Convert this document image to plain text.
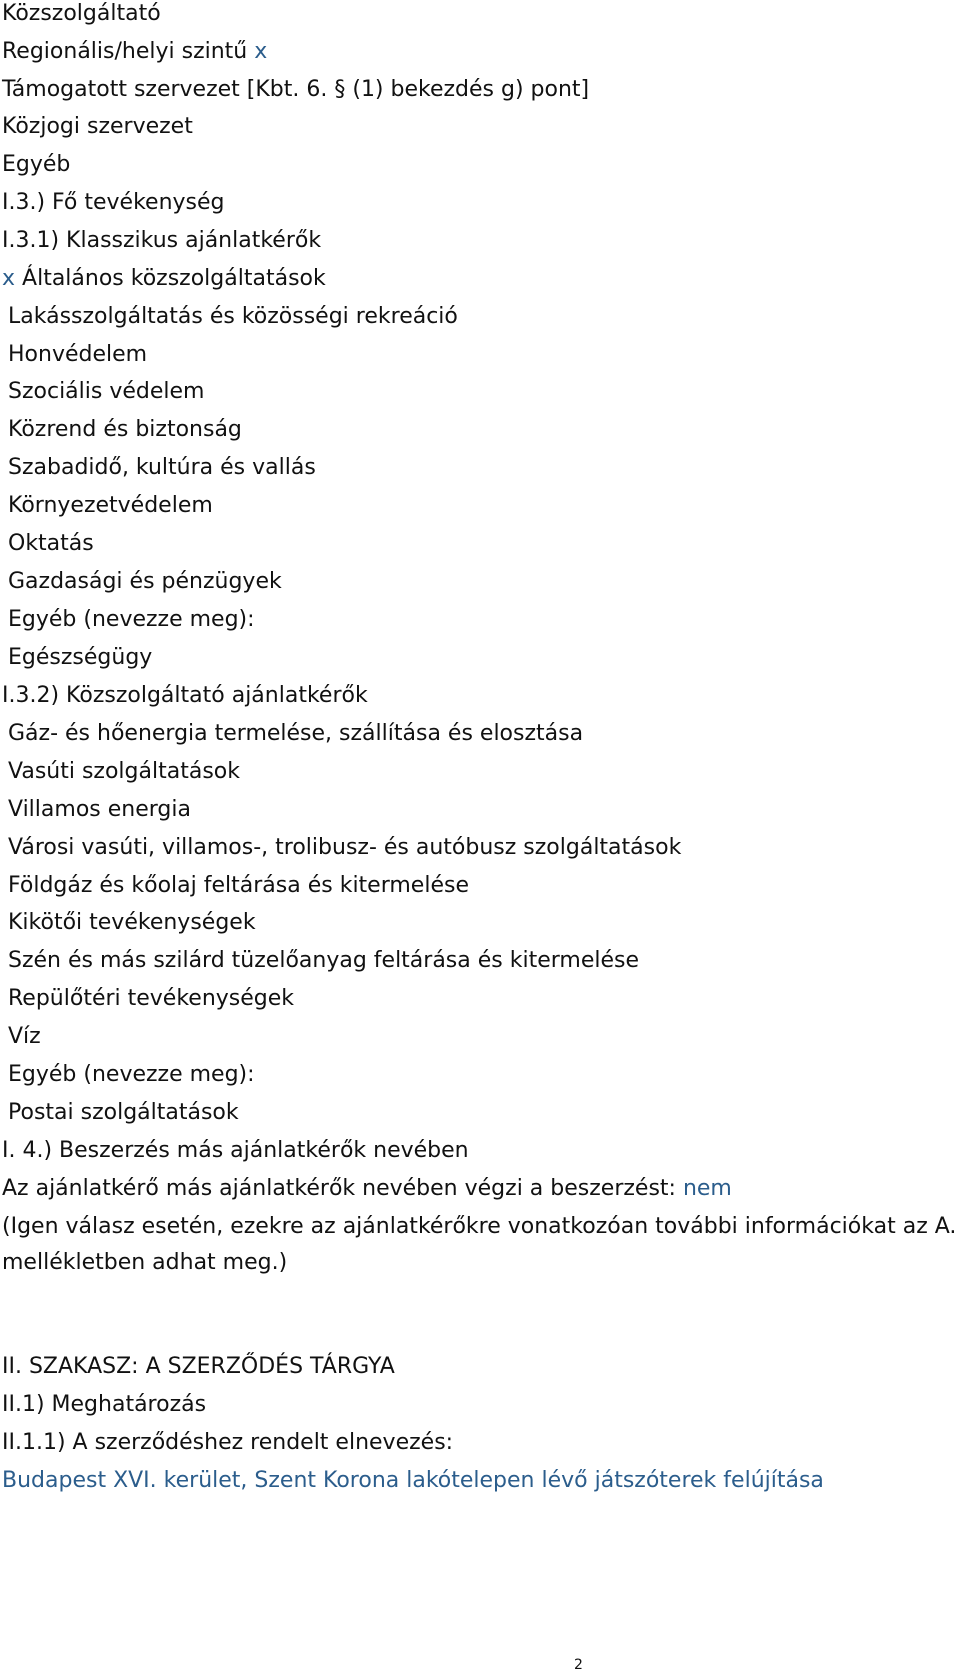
Közszolgáltató
Regionális/helyi szintű x
Támogatott szervezet [Kbt. 6. § (1) bekezdés g) pont]
Közjogi szervezet
Egyéb
I.3.) Fő tevékenység
I.3.1) Klasszikus ajánlatkérők
x Általános közszolgáltatások
Lakásszolgáltatás és közösségi rekreáció
Honvédelem
Szociális védelem
Közrend és biztonság
Szabadidő, kultúra és vallás
Környezetvédelem
Oktatás
Gazdasági és pénzügyek
Egyéb (nevezze meg):
Egészségügy
I.3.2) Közszolgáltató ajánlatkérők
Gáz- és hőenergia termelése, szállítása és elosztása
Vasúti szolgáltatások
Villamos energia
Városi vasúti, villamos-, trolibusz- és autóbusz szolgáltatások
Földgáz és kőolaj feltárása és kitermelése
Kikötői tevékenységek
Szén és más szilárd tüzelőanyag feltárása és kitermelése
Repülőtéri tevékenységek
Víz
Egyéb (nevezze meg):
Postai szolgáltatások
I. 4.) Beszerzés más ajánlatkérők nevében
Az ajánlatkérő más ajánlatkérők nevében végzi a beszerzést: nem
(Igen válasz esetén, ezekre az ajánlatkérőkre vonatkozóan további információkat az A. mellékletben adhat meg.)
II. SZAKASZ: A SZERZŐDÉS TÁRGYA
II.1) Meghatározás
II.1.1) A szerződéshez rendelt elnevezés:
Budapest XVI. kerület, Szent Korona lakótelepen lévő játszóterek felújítása
2
